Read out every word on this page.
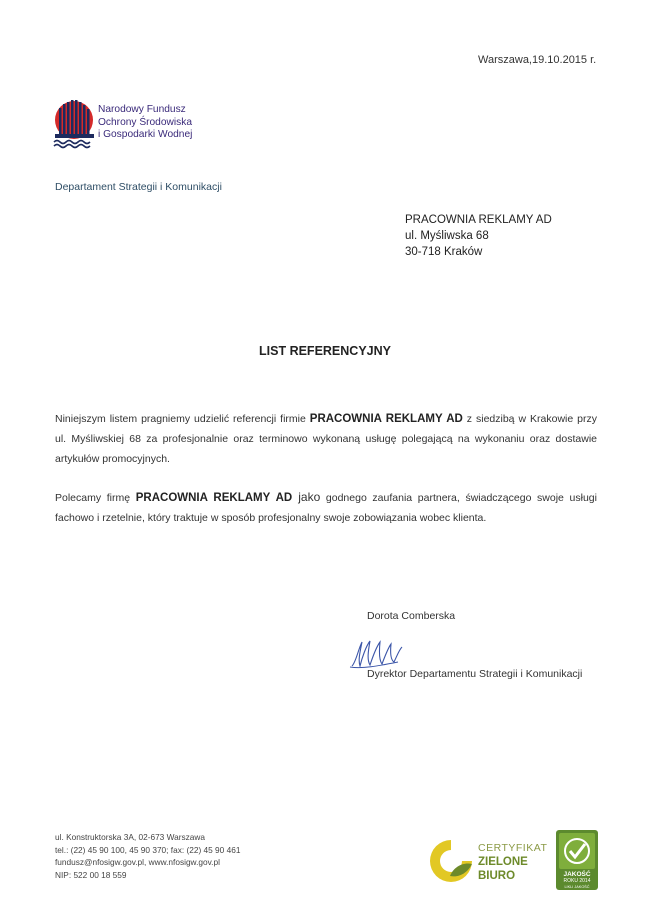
Warszawa,19.10.2015 r.
Narodowy Fundusz
Ochrony Środowiska
i Gospodarki Wodnej
Departament Strategii i Komunikacji
PRACOWNIA REKLAMY AD
ul. Myśliwska 68
30-718 Kraków
LIST REFERENCYJNY
Niniejszym listem pragniemy udzielić referencji firmie PRACOWNIA REKLAMY AD z siedzibą w Krakowie przy ul. Myśliwskiej 68 za profesjonalnie oraz terminowo wykonaną usługę polegającą na wykonaniu oraz dostawie artykułów promocyjnych.
Polecamy firmę PRACOWNIA REKLAMY AD jako godnego zaufania partnera, świadczącego swoje usługi fachowo i rzetelnie, który traktuje w sposób profesjonalny swoje zobowiązania wobec klienta.
Dorota Comberska
Dyrektor Departamentu Strategii i Komunikacji
ul. Konstruktorska 3A, 02-673 Warszawa
tel.: (22) 45 90 100, 45 90 370; fax: (22) 45 90 461
fundusz@nfosigw.gov.pl, www.nfosigw.gov.pl
NIP: 522 00 18 559
CERTYFIKAT
ZIELONE
BIURO	JAKOŚĆ
ROKU 2014
LIKLI JAKOŚĆ
